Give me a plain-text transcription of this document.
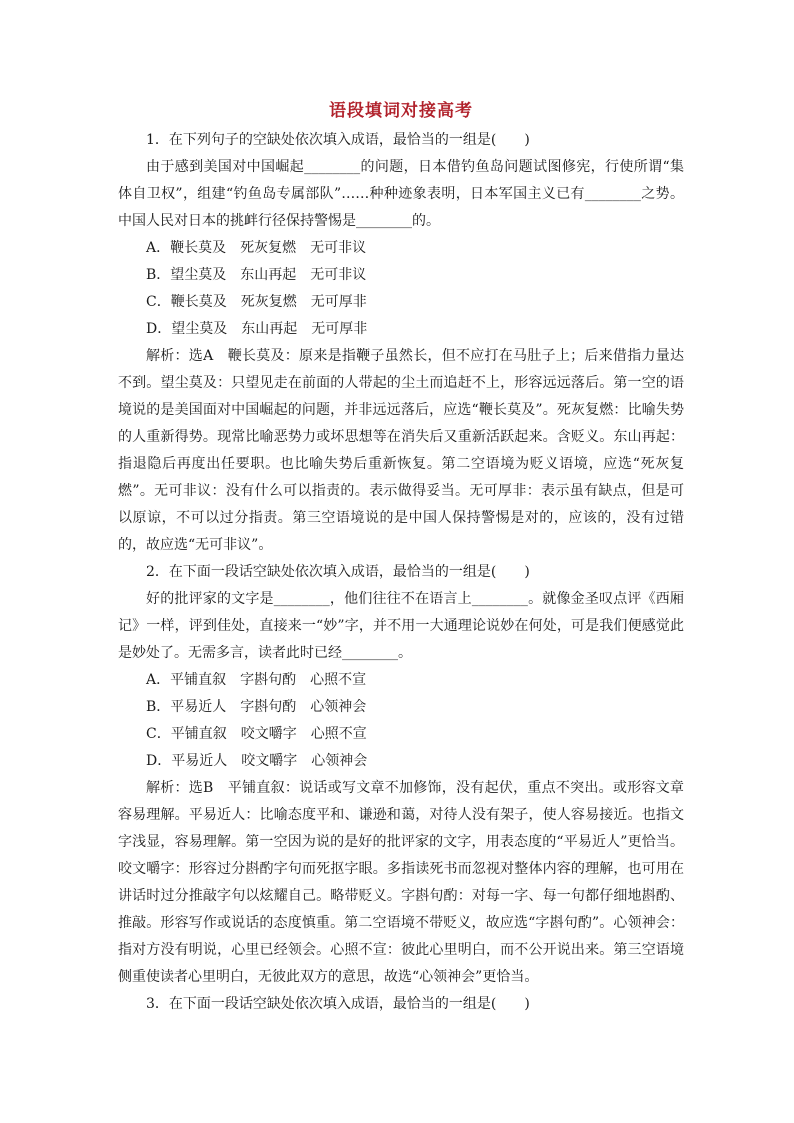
语段填词对接高考

1．在下列句子的空缺处依次填入成语，最恰当的一组是(　　)

由于感到美国对中国崛起________的问题，日本借钓鱼岛问题试图修宪，行使所谓“集体自卫权”，组建“钓鱼岛专属部队”……种种迹象表明，日本军国主义已有________之势。中国人民对日本的挑衅行径保持警惕是________的。

A．鞭长莫及 死灰复燃 无可非议

B．望尘莫及 东山再起 无可非议

C．鞭长莫及 死灰复燃 无可厚非

D．望尘莫及 东山再起 无可厚非

解析：选A　鞭长莫及：原来是指鞭子虽然长，但不应打在马肚子上；后来借指力量达不到。望尘莫及：只望见走在前面的人带起的尘土而追赶不上，形容远远落后。第一空的语境说的是美国面对中国崛起的问题，并非远远落后，应选“鞭长莫及”。死灰复燃：比喻失势的人重新得势。现常比喻恶势力或坏思想等在消失后又重新活跃起来。含贬义。东山再起：指退隐后再度出任要职。也比喻失势后重新恢复。第二空语境为贬义语境，应选“死灰复燃”。无可非议：没有什么可以指责的。表示做得妥当。无可厚非：表示虽有缺点，但是可以原谅，不可以过分指责。第三空语境说的是中国人保持警惕是对的，应该的，没有过错的，故应选“无可非议”。

2．在下面一段话空缺处依次填入成语，最恰当的一组是(　　)

好的批评家的文字是________，他们往往不在语言上________。就像金圣叹点评《西厢记》一样，评到佳处，直接来一“妙”字，并不用一大通理论说妙在何处，可是我们便感觉此是妙处了。无需多言，读者此时已经________。

A．平铺直叙 字斟句酌 心照不宣

B．平易近人 字斟句酌 心领神会

C．平铺直叙 咬文嚼字 心照不宣

D．平易近人 咬文嚼字 心领神会

解析：选B　平铺直叙：说话或写文章不加修饰，没有起伏，重点不突出。或形容文章容易理解。平易近人：比喻态度平和、谦逊和蔼，对待人没有架子，使人容易接近。也指文字浅显，容易理解。第一空因为说的是好的批评家的文字，用表态度的“平易近人”更恰当。咬文嚼字：形容过分斟酌字句而死抠字眼。多指读死书而忽视对整体内容的理解，也可用在讲话时过分推敲字句以炫耀自己。略带贬义。字斟句酌：对每一字、每一句都仔细地斟酌、推敲。形容写作或说话的态度慎重。第二空语境不带贬义，故应选“字斟句酌”。心领神会：指对方没有明说，心里已经领会。心照不宣：彼此心里明白，而不公开说出来。第三空语境侧重使读者心里明白，无彼此双方的意思，故选“心领神会”更恰当。

3．在下面一段话空缺处依次填入成语，最恰当的一组是(　　)
